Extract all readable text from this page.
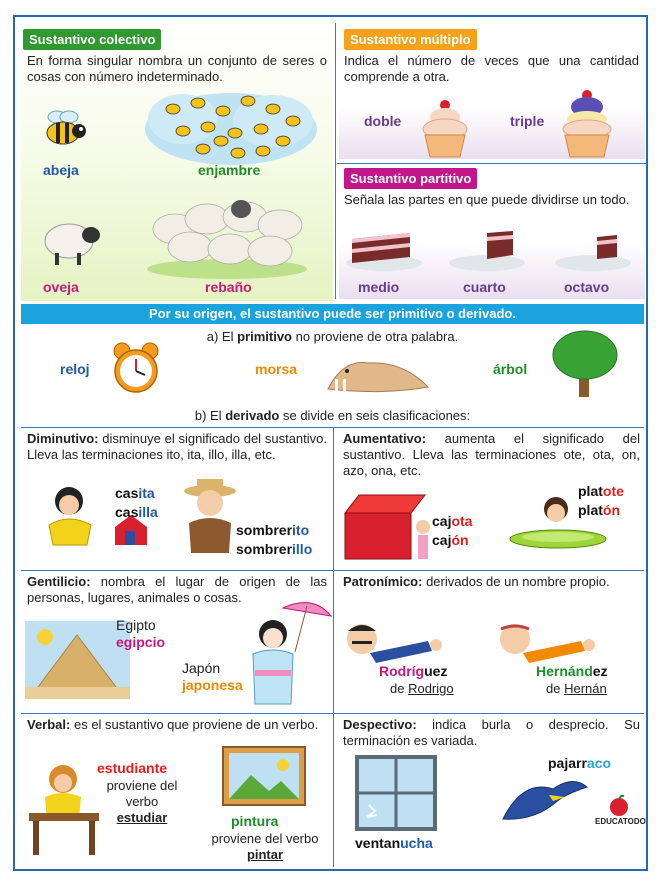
Sustantivo colectivo
En forma singular nombra un conjunto de seres o cosas con número indeterminado.
abeja	enjambre
oveja	rebaño
Sustantivo múltiplo
Indica el número de veces que una cantidad comprende a otra.
doble	triple
Sustantivo partitivo
Señala las partes en que puede dividirse un todo.
medio	cuarto	octavo
Por su origen, el sustantivo puede ser primitivo o derivado.
a) El primitivo no proviene de otra palabra.
reloj	morsa	árbol
b) El derivado se divide en seis clasificaciones:
Diminutivo: disminuye el significado del sustantivo. Lleva las terminaciones ito, ita, illo, illa, etc.
casita
casilla
sombrerito
sombrerillo
Aumentativo: aumenta el significado del sustantivo. Lleva las terminaciones ote, ota, on, azo, ona, etc.
cajota
cajón
platote
platón
Gentilicio: nombra el lugar de origen de las personas, lugares, animales o cosas.
Egipto
egipcio
Japón
japonesa
Patronímico: derivados de un nombre propio.
Rodríguez
de Rodrigo
Hernández
de Hernán
Verbal: es el sustantivo que proviene de un verbo.
estudiante
proviene del
verbo
estudiar	pintura
proviene del verbo
pintar
Despectivo: indica burla o desprecio. Su terminación es variada.
ventanucha
pajarraco
EDUCATODO
